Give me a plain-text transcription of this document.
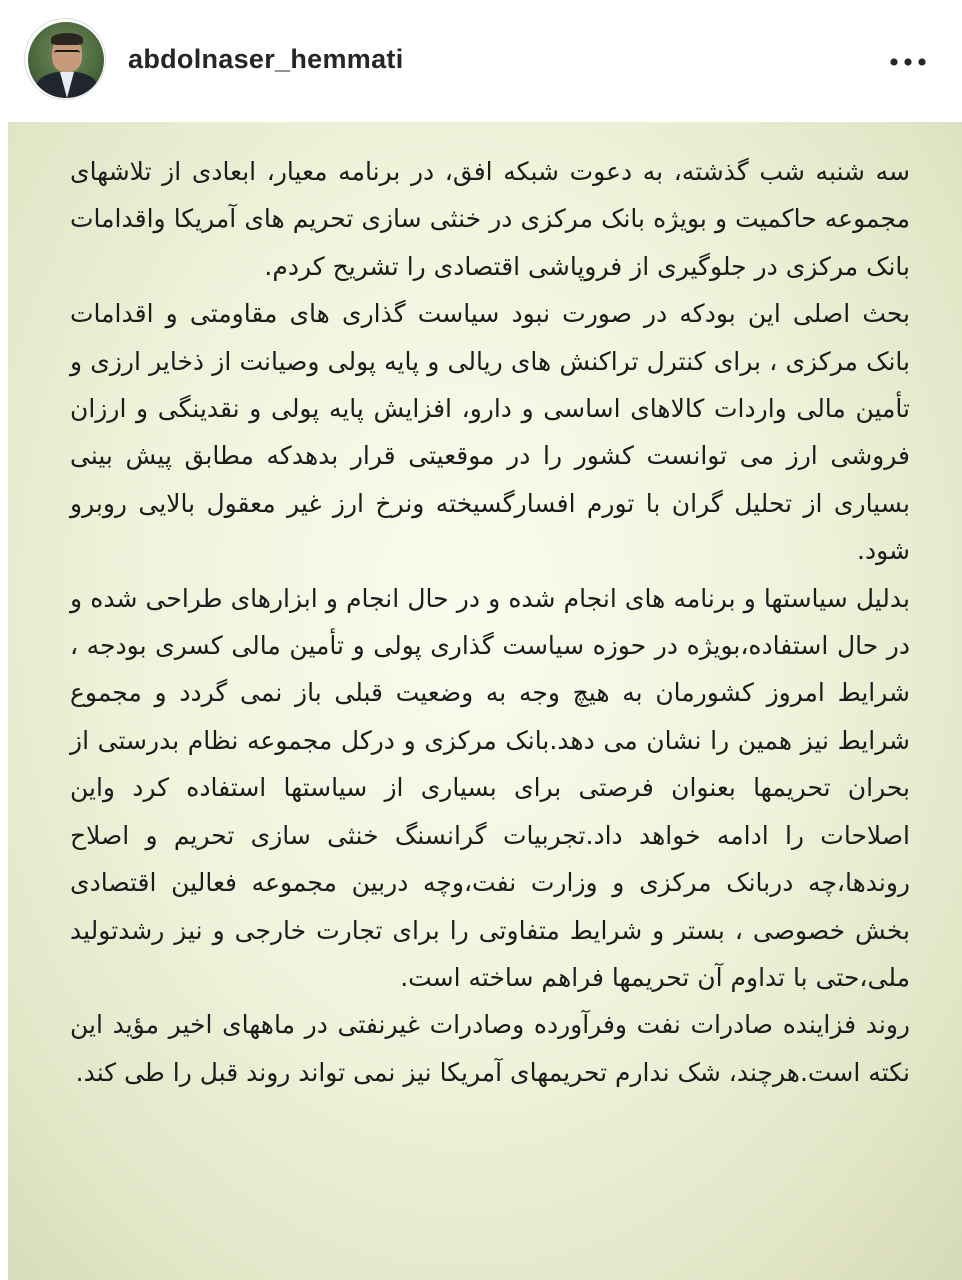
abdolnaser_hemmati

سه شنبه شب گذشته، به دعوت شبکه افق، در برنامه معیار، ابعادی از تلاشهای مجموعه حاکمیت و بویژه بانک مرکزی در خنثی سازی تحریم های آمریکا واقدامات بانک مرکزی در جلوگیری از فروپاشی اقتصادی را تشریح کردم.

بحث اصلی این بودکه در صورت نبود سیاست گذاری های مقاومتی و اقدامات بانک مرکزی ، برای کنترل تراکنش های ریالی و پایه پولی وصیانت از ذخایر ارزی و تأمین مالی واردات کالاهای اساسی و دارو، افزایش پایه پولی و نقدینگی و ارزان فروشی ارز می توانست کشور را در موقعیتی قرار بدهدکه مطابق پیش بینی بسیاری از تحلیل گران با تورم افسارگسیخته ونرخ ارز غیر معقول بالایی روبرو شود.

بدلیل سیاستها و برنامه های انجام شده و در حال انجام و ابزارهای طراحی شده و در حال استفاده،بویژه در حوزه سیاست گذاری پولی و تأمین مالی کسری بودجه ، شرایط امروز کشورمان به هیچ وجه به وضعیت قبلی باز نمی گردد و مجموع شرایط نیز همین را نشان می دهد.بانک مرکزی و درکل مجموعه نظام بدرستی از بحران تحریمها بعنوان فرصتی برای بسیاری از سیاستها استفاده کرد واین اصلاحات را ادامه خواهد داد.تجربیات گرانسنگ خنثی سازی تحریم و اصلاح روندها،چه دربانک مرکزی و وزارت نفت،وچه دربین مجموعه فعالین اقتصادی بخش خصوصی ، بستر و شرایط متفاوتی را برای تجارت خارجی و نیز رشدتولید ملی،حتی با تداوم آن تحریمها فراهم ساخته است.

روند فزاینده صادرات نفت وفرآورده وصادرات غیرنفتی در ماههای اخیر مؤید این نکته است.هرچند، شک ندارم تحریمهای آمریکا نیز نمی تواند روند قبل را طی کند.
